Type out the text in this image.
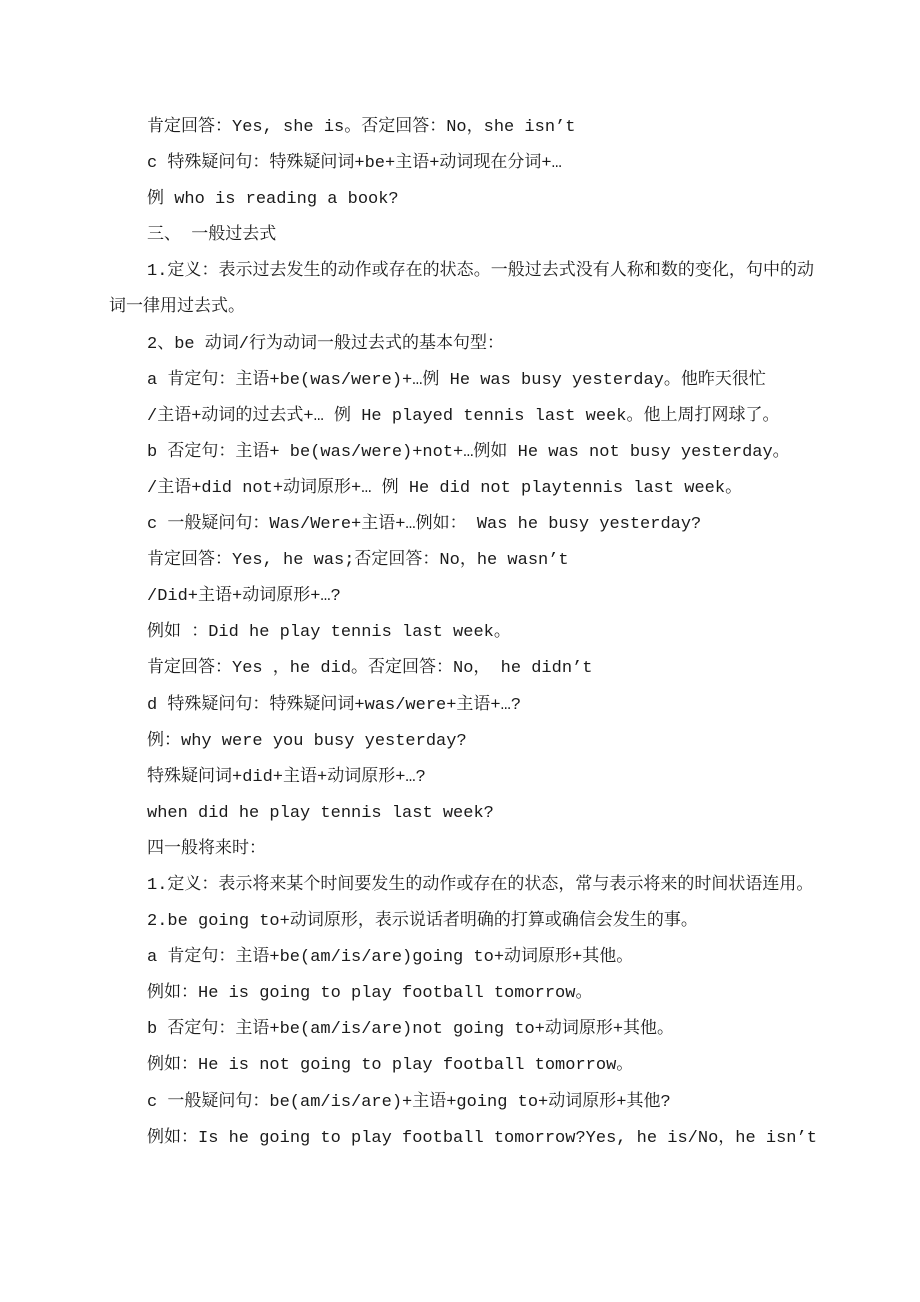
肯定回答：Yes, she is。否定回答：No，she isn’t
c 特殊疑问句：特殊疑问词+be+主语+动词现在分词+…
例 who is reading a book?
三、 一般过去式
1.定义：表示过去发生的动作或存在的状态。一般过去式没有人称和数的变化，句中的动词一律用过去式。
2、be 动词/行为动词一般过去式的基本句型：
a 肯定句：主语+be(was/were)+…例 He was busy yesterday。他昨天很忙
/主语+动词的过去式+… 例 He played tennis last week。他上周打网球了。
b 否定句：主语+ be(was/were)+not+…例如 He was not busy yesterday。
/主语+did not+动词原形+… 例 He did not playtennis last week。
c 一般疑问句：Was/Were+主语+…例如： Was he busy yesterday?
肯定回答：Yes, he was;否定回答：No，he wasn’t
/Did+主语+动词原形+…?
例如 ：Did he play tennis last week。
肯定回答：Yes ，he did。否定回答：No， he didn’t
d 特殊疑问句：特殊疑问词+was/were+主语+…?
例：why were you busy yesterday?
特殊疑问词+did+主语+动词原形+…?
when did he play tennis last week?
四一般将来时：
1.定义：表示将来某个时间要发生的动作或存在的状态，常与表示将来的时间状语连用。
2.be going to+动词原形，表示说话者明确的打算或确信会发生的事。
a 肯定句：主语+be(am/is/are)going to+动词原形+其他。
例如：He is going to play football tomorrow。
b 否定句：主语+be(am/is/are)not going to+动词原形+其他。
例如：He is not going to play football tomorrow。
c 一般疑问句：be(am/is/are)+主语+going to+动词原形+其他?
例如：Is he going to play football tomorrow?Yes, he is/No，he isn’t
